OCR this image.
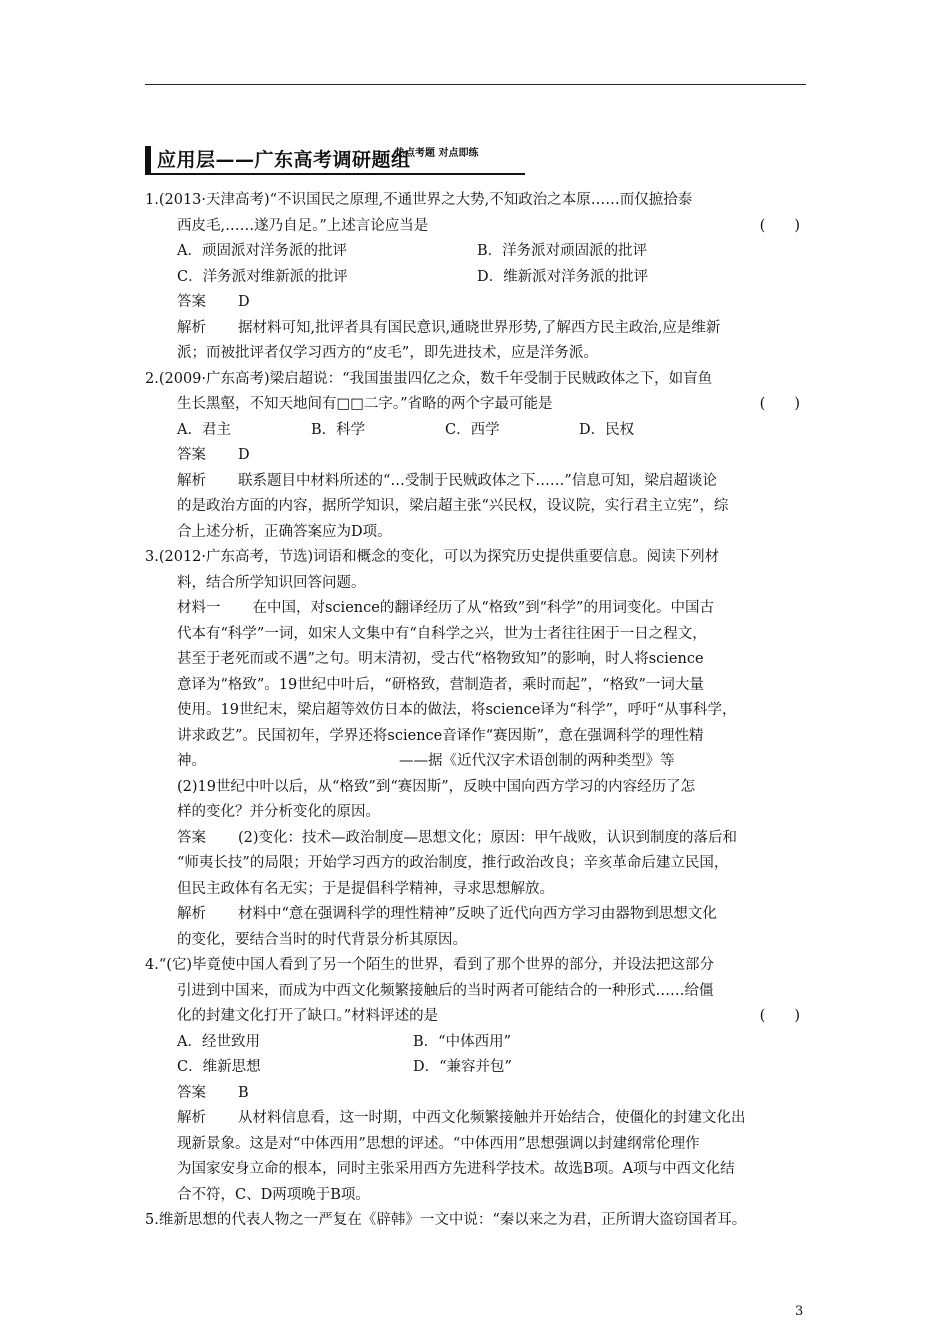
应用层——广东高考调研题组
热点考题 对点即练
1.(2013·天津高考)“不识国民之原理,不通世界之大势,不知政治之本原……而仅摭拾泰
西皮毛,……遂乃自足。”上述言论应当是	(　　)
A．顽固派对洋务派的批评	B．洋务派对顽固派的批评
C．洋务派对维新派的批评	D．维新派对洋务派的批评
答案 D
解析 据材料可知,批评者具有国民意识,通晓世界形势,了解西方民主政治,应是维新
派；而被批评者仅学习西方的“皮毛”，即先进技术，应是洋务派。
2.(2009·广东高考)梁启超说：“我国蚩蚩四亿之众，数千年受制于民贼政体之下，如盲鱼
生长黑壑，不知天地间有□□二字。”省略的两个字最可能是	(　　)
A．君主	B．科学	C．西学	D．民权
答案 D
解析 联系题目中材料所述的“…受制于民贼政体之下……”信息可知，梁启超谈论
的是政治方面的内容，据所学知识，梁启超主张“兴民权，设议院，实行君主立宪”，综
合上述分析，正确答案应为D项。
3.(2012·广东高考，节选)词语和概念的变化，可以为探究历史提供重要信息。阅读下列材
料，结合所学知识回答问题。
材料一 在中国，对science的翻译经历了从“格致”到“科学”的用词变化。中国古
代本有“科学”一词，如宋人文集中有“自科学之兴，世为士者往往困于一日之程文，
甚至于老死而或不遇”之句。明末清初，受古代“格物致知”的影响，时人将science
意译为“格致”。19世纪中叶后，“研格致，营制造者，乘时而起”，“格致”一词大量
使用。19世纪末，梁启超等效仿日本的做法，将science译为“科学”，呼吁“从事科学，
讲求政艺”。民国初年，学界还将science音译作“赛因斯”，意在强调科学的理性精
神。	——据《近代汉字术语创制的两种类型》等
(2)19世纪中叶以后，从“格致”到“赛因斯”，反映中国向西方学习的内容经历了怎
样的变化？并分析变化的原因。
答案 (2)变化：技术—政治制度—思想文化；原因：甲午战败，认识到制度的落后和
“师夷长技”的局限；开始学习西方的政治制度，推行政治改良；辛亥革命后建立民国，
但民主政体有名无实；于是提倡科学精神，寻求思想解放。
解析 材料中“意在强调科学的理性精神”反映了近代向西方学习由器物到思想文化
的变化，要结合当时的时代背景分析其原因。
4.“(它)毕竟使中国人看到了另一个陌生的世界，看到了那个世界的部分，并设法把这部分
引进到中国来，而成为中西文化频繁接触后的当时两者可能结合的一种形式……给僵
化的封建文化打开了缺口。”材料评述的是	(　　)
A．经世致用	B．“中体西用”
C．维新思想	D．“兼容并包”
答案 B
解析 从材料信息看，这一时期，中西文化频繁接触并开始结合，使僵化的封建文化出
现新景象。这是对“中体西用”思想的评述。“中体西用”思想强调以封建纲常伦理作
为国家安身立命的根本，同时主张采用西方先进科学技术。故选B项。A项与中西文化结
合不符，C、D两项晚于B项。
5.维新思想的代表人物之一严复在《辟韩》一文中说：“秦以来之为君，正所谓大盗窃国者耳。
3
